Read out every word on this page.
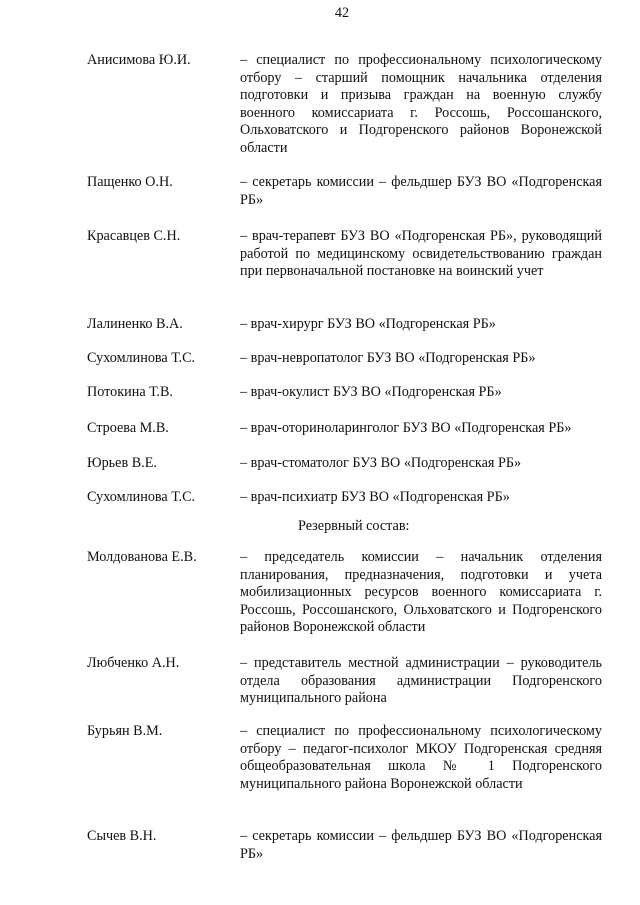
42
Анисимова Ю.И.	– специалист по профессиональному психологическому отбору – старший помощник начальника отделения подготовки и призыва граждан на военную службу военного комиссариата г. Россошь, Россошанского, Ольховатского и Подгоренского районов Воронежской области
Пащенко О.Н.	– секретарь комиссии – фельдшер БУЗ ВО «Подгоренская РБ»
Красавцев С.Н.	– врач-терапевт БУЗ ВО «Подгоренская РБ», руководящий работой по медицинскому освидетельствованию граждан при первоначальной постановке на воинский учет
Лалиненко В.А.	– врач-хирург БУЗ ВО «Подгоренская РБ»
Сухомлинова Т.С.	– врач-невропатолог БУЗ ВО «Подгоренская РБ»
Потокина Т.В.	– врач-окулист БУЗ ВО «Подгоренская РБ»
Строева М.В.	– врач-оториноларинголог БУЗ ВО «Подгоренская РБ»
Юрьев В.Е.	– врач-стоматолог БУЗ ВО «Подгоренская РБ»
Сухомлинова Т.С.	– врач-психиатр БУЗ ВО «Подгоренская РБ»
Резервный состав:
Молдованова Е.В.	– председатель комиссии – начальник отделения планирования, предназначения, подготовки и учета мобилизационных ресурсов военного комиссариата г. Россошь, Россошанского, Ольховатского и Подгоренского районов Воронежской области
Любченко А.Н.	– представитель местной администрации – руководитель отдела образования администрации Подгоренского муниципального района
Бурьян В.М.	– специалист по профессиональному психологическому отбору – педагог-психолог МКОУ Подгоренская средняя общеобразовательная школа № 1 Подгоренского муниципального района Воронежской области
Сычев В.Н.	– секретарь комиссии – фельдшер БУЗ ВО «Подгоренская РБ»
